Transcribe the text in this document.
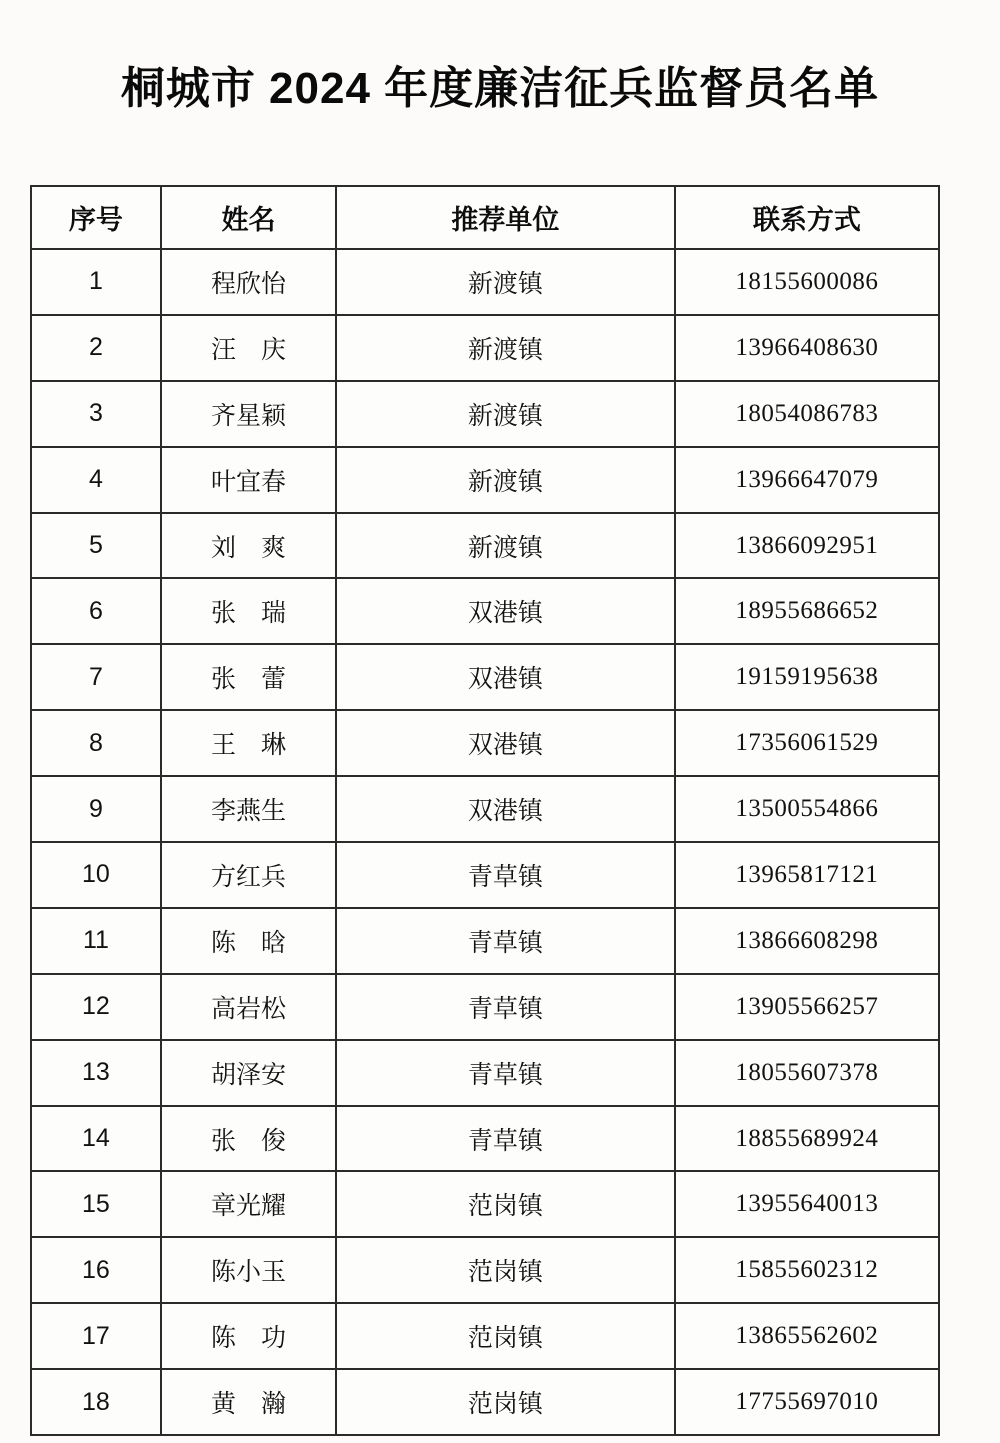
桐城市 2024 年度廉洁征兵监督员名单
序号	姓名	推荐单位	联系方式
1	程欣怡	新渡镇	18155600086
2	汪　庆	新渡镇	13966408630
3	齐星颖	新渡镇	18054086783
4	叶宜春	新渡镇	13966647079
5	刘　爽	新渡镇	13866092951
6	张　瑞	双港镇	18955686652
7	张　蕾	双港镇	19159195638
8	王　琳	双港镇	17356061529
9	李燕生	双港镇	13500554866
10	方红兵	青草镇	13965817121
11	陈　晗	青草镇	13866608298
12	高岩松	青草镇	13905566257
13	胡泽安	青草镇	18055607378
14	张　俊	青草镇	18855689924
15	章光耀	范岗镇	13955640013
16	陈小玉	范岗镇	15855602312
17	陈　功	范岗镇	13865562602
18	黄　瀚	范岗镇	17755697010
